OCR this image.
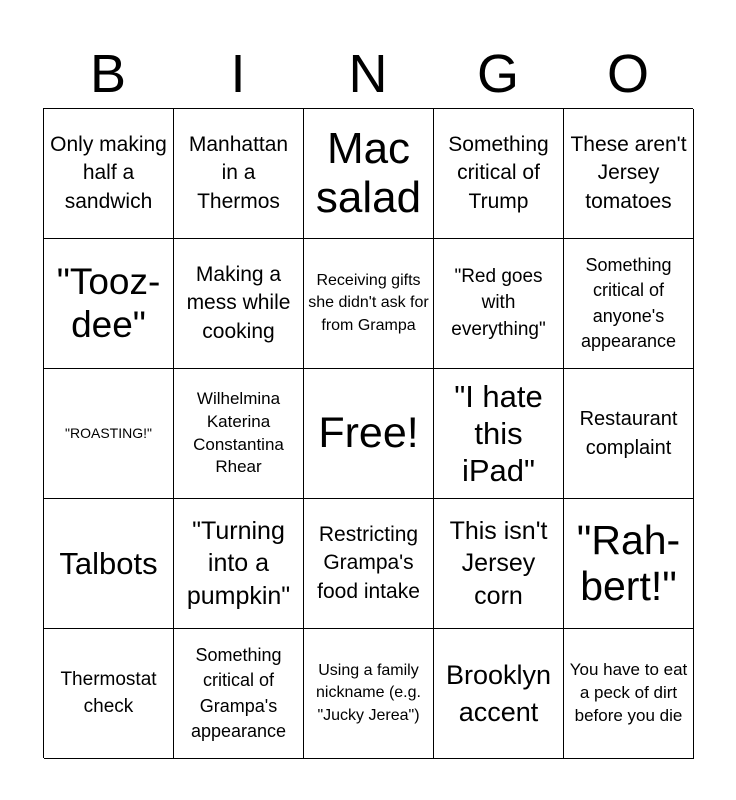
B	I	N	G	O
Only making half a sandwich
Manhattan in a Thermos
Mac salad
Something critical of Trump
These aren't Jersey tomatoes
"Tooz-dee"
Making a mess while cooking
Receiving gifts she didn't ask for from Grampa
"Red goes with everything"
Something critical of anyone's appearance
"ROASTING!"
Wilhelmina Katerina Constantina Rhear
Free!
"I hate this iPad"
Restaurant complaint
Talbots
"Turning into a pumpkin"
Restricting Grampa's food intake
This isn't Jersey corn
"Rah-bert!"
Thermostat check
Something critical of Grampa's appearance
Using a family nickname (e.g. "Jucky Jerea")
Brooklyn accent
You have to eat a peck of dirt before you die
